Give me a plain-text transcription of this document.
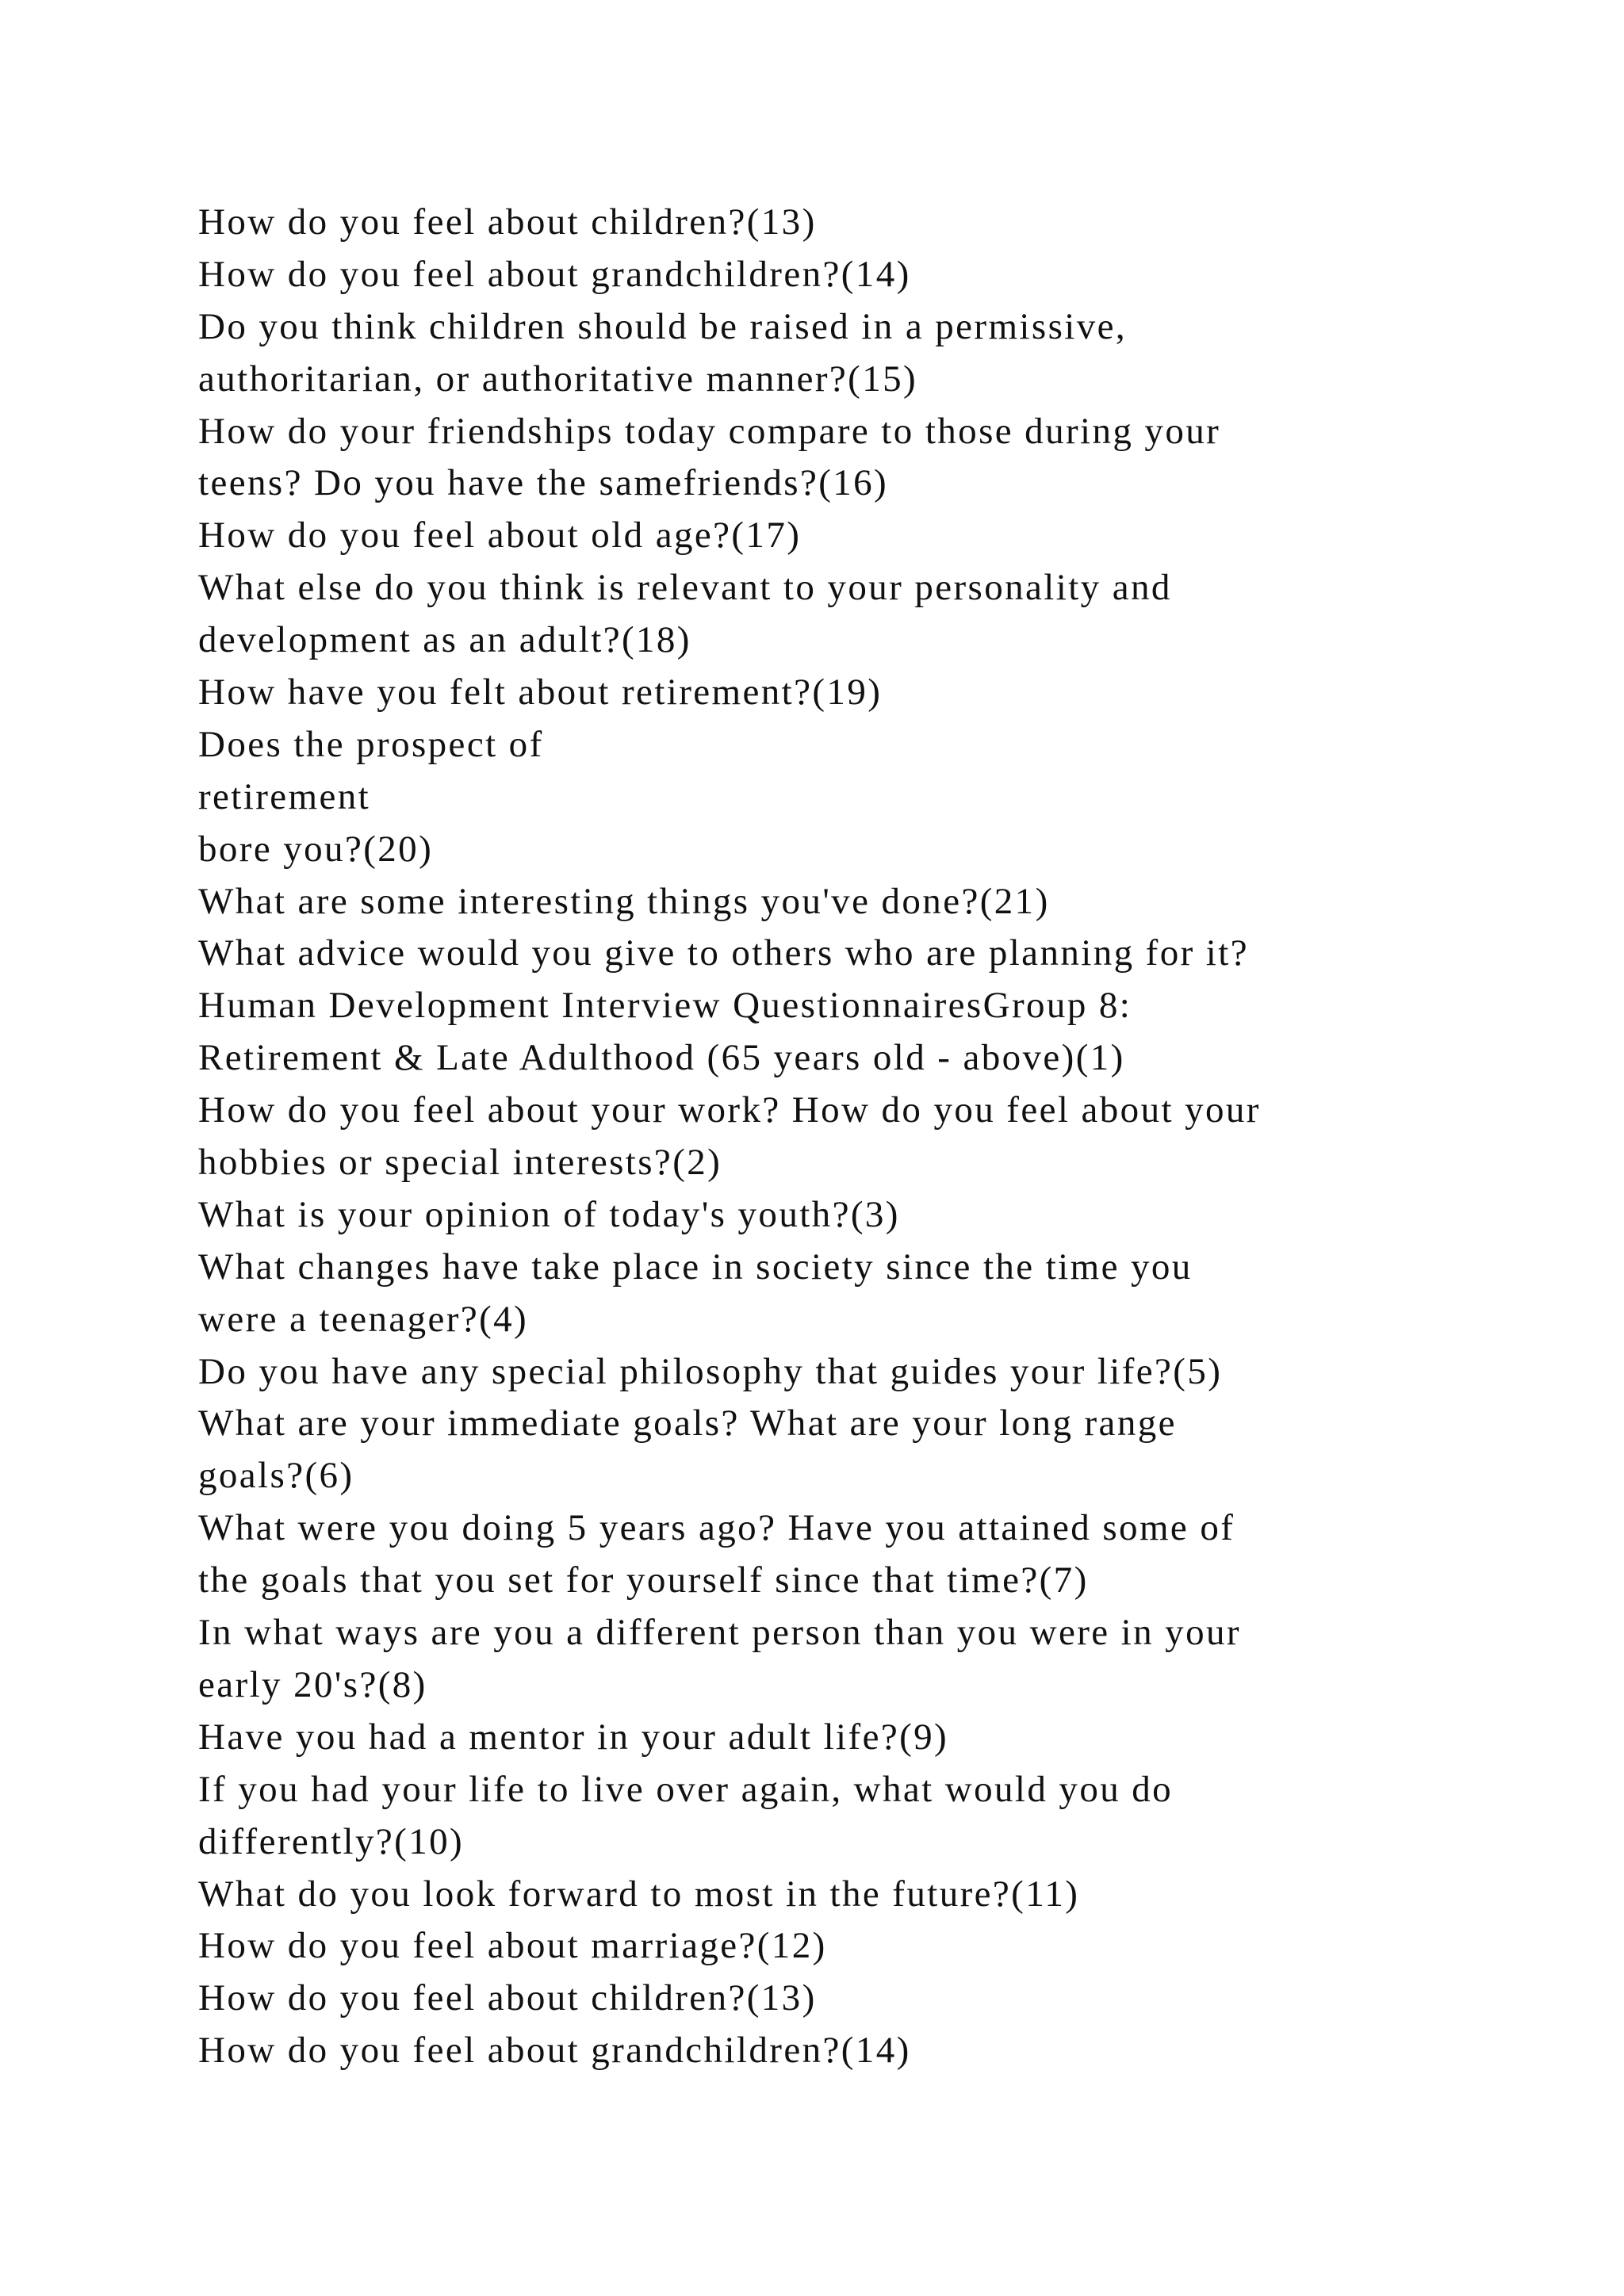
How do you feel about children?(13)
How do you feel about grandchildren?(14)
Do you think children should be raised in a permissive,
authoritarian, or authoritative manner?(15)
How do your friendships today compare to those during your
teens? Do you have the samefriends?(16)
How do you feel about old age?(17)
What else do you think is relevant to your personality and
development as an adult?(18)
How have you felt about retirement?(19)
Does the prospect of
retirement
bore you?(20)
What are some interesting things you've done?(21)
What advice would you give to others who are planning for it?
Human Development Interview QuestionnairesGroup 8:
Retirement & Late Adulthood (65 years old - above)(1)
How do you feel about your work? How do you feel about your
hobbies or special interests?(2)
What is your opinion of today's youth?(3)
What changes have take place in society since the time you
were a teenager?(4)
Do you have any special philosophy that guides your life?(5)
What are your immediate goals? What are your long range
goals?(6)
What were you doing 5 years ago? Have you attained some of
the goals that you set for yourself since that time?(7)
In what ways are you a different person than you were in your
early 20's?(8)
Have you had a mentor in your adult life?(9)
If you had your life to live over again, what would you do
differently?(10)
What do you look forward to most in the future?(11)
How do you feel about marriage?(12)
How do you feel about children?(13)
How do you feel about grandchildren?(14)
